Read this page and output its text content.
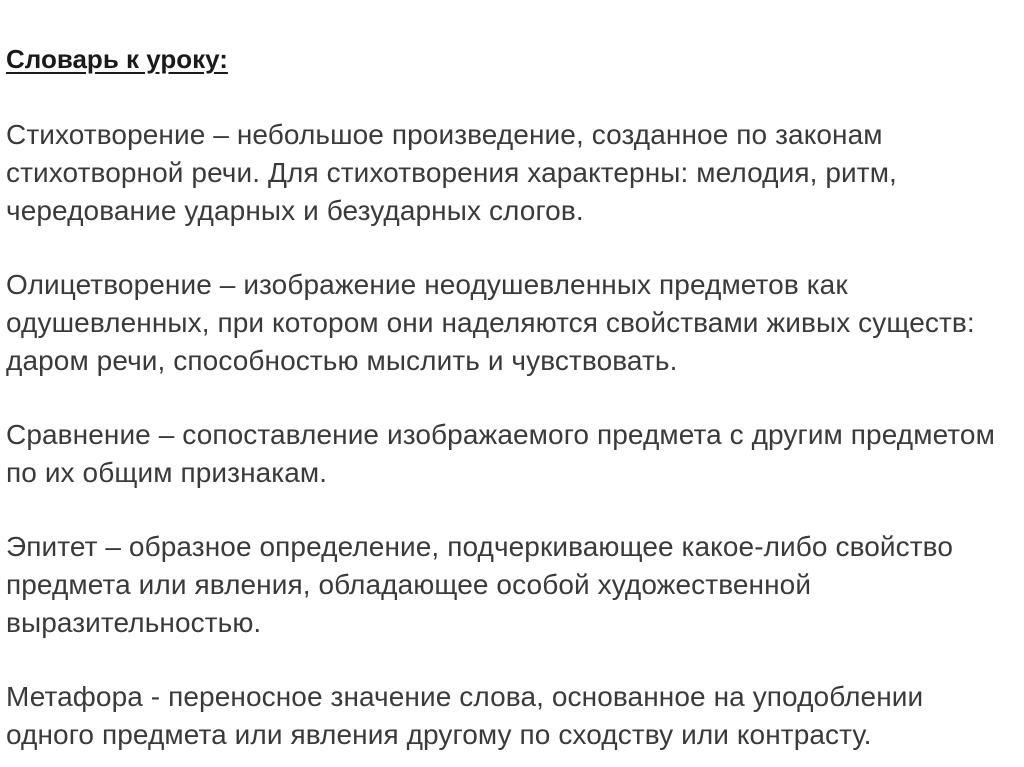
Словарь к уроку:
Стихотворение – небольшое произведение, созданное по законам стихотворной речи. Для стихотворения характерны: мелодия, ритм, чередование ударных и безударных слогов.
Олицетворение – изображение неодушевленных предметов как одушевленных, при котором они наделяются свойствами живых существ: даром речи, способностью мыслить и чувствовать.
Сравнение – сопоставление изображаемого предмета с другим предметом по их общим признакам.
Эпитет – образное определение, подчеркивающее какое-либо свойство предмета или явления, обладающее особой художественной выразительностью.
Метафора - переносное значение слова, основанное на уподоблении одного предмета или явления другому по сходству или контрасту.
